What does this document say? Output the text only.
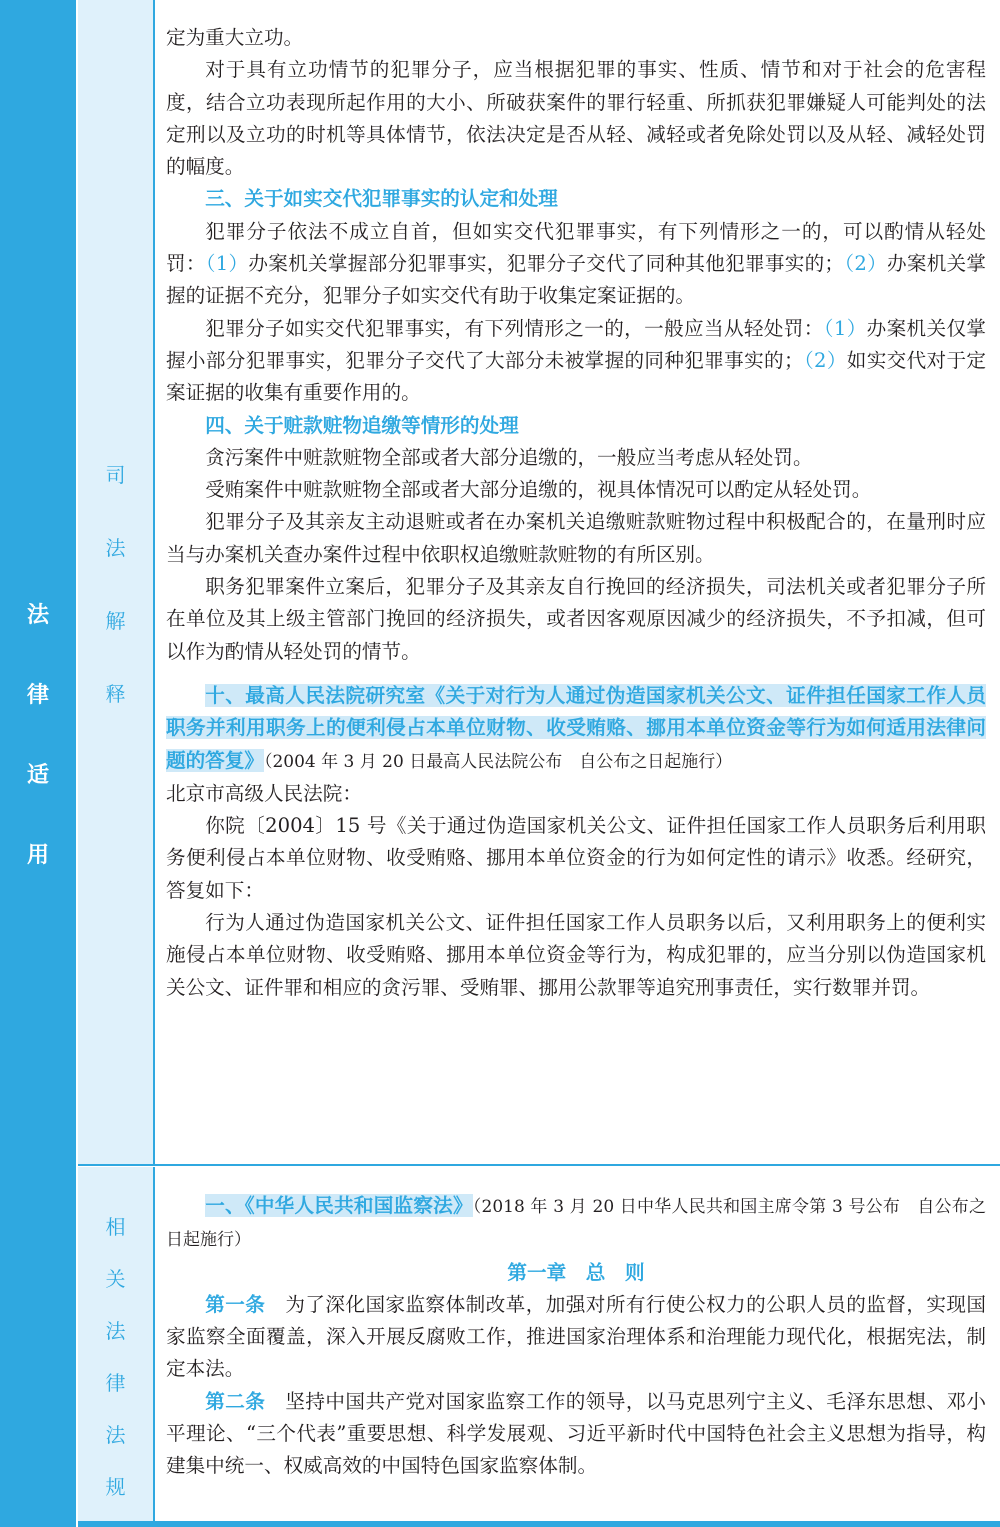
法
律
适
用
司
法
解
释
相
关
法
律
法
规

定为重大立功。

对于具有立功情节的犯罪分子，应当根据犯罪的事实、性质、情节和对于社会的危害程度，结合立功表现所起作用的大小、所破获案件的罪行轻重、所抓获犯罪嫌疑人可能判处的法定刑以及立功的时机等具体情节，依法决定是否从轻、减轻或者免除处罚以及从轻、减轻处罚的幅度。

三、关于如实交代犯罪事实的认定和处理

犯罪分子依法不成立自首，但如实交代犯罪事实，有下列情形之一的，可以酌情从轻处罚：（1）办案机关掌握部分犯罪事实，犯罪分子交代了同种其他犯罪事实的；（2）办案机关掌握的证据不充分，犯罪分子如实交代有助于收集定案证据的。

犯罪分子如实交代犯罪事实，有下列情形之一的，一般应当从轻处罚：（1）办案机关仅掌握小部分犯罪事实，犯罪分子交代了大部分未被掌握的同种犯罪事实的；（2）如实交代对于定案证据的收集有重要作用的。

四、关于赃款赃物追缴等情形的处理

贪污案件中赃款赃物全部或者大部分追缴的，一般应当考虑从轻处罚。

受贿案件中赃款赃物全部或者大部分追缴的，视具体情况可以酌定从轻处罚。

犯罪分子及其亲友主动退赃或者在办案机关追缴赃款赃物过程中积极配合的，在量刑时应当与办案机关查办案件过程中依职权追缴赃款赃物的有所区别。

职务犯罪案件立案后，犯罪分子及其亲友自行挽回的经济损失，司法机关或者犯罪分子所在单位及其上级主管部门挽回的经济损失，或者因客观原因减少的经济损失，不予扣减，但可以作为酌情从轻处罚的情节。

十、最高人民法院研究室《关于对行为人通过伪造国家机关公文、证件担任国家工作人员职务并利用职务上的便利侵占本单位财物、收受贿赂、挪用本单位资金等行为如何适用法律问题的答复》（2004 年 3 月 20 日最高人民法院公布　自公布之日起施行）

北京市高级人民法院：

你院〔2004〕15 号《关于通过伪造国家机关公文、证件担任国家工作人员职务后利用职务便利侵占本单位财物、收受贿赂、挪用本单位资金的行为如何定性的请示》收悉。经研究，答复如下：

行为人通过伪造国家机关公文、证件担任国家工作人员职务以后，又利用职务上的便利实施侵占本单位财物、收受贿赂、挪用本单位资金等行为，构成犯罪的，应当分别以伪造国家机关公文、证件罪和相应的贪污罪、受贿罪、挪用公款罪等追究刑事责任，实行数罪并罚。

一、《中华人民共和国监察法》（2018 年 3 月 20 日中华人民共和国主席令第 3 号公布　自公布之日起施行）

第一章　总　则

第一条　为了深化国家监察体制改革，加强对所有行使公权力的公职人员的监督，实现国家监察全面覆盖，深入开展反腐败工作，推进国家治理体系和治理能力现代化，根据宪法，制定本法。

第二条　坚持中国共产党对国家监察工作的领导，以马克思列宁主义、毛泽东思想、邓小平理论、“三个代表”重要思想、科学发展观、习近平新时代中国特色社会主义思想为指导，构建集中统一、权威高效的中国特色国家监察体制。
